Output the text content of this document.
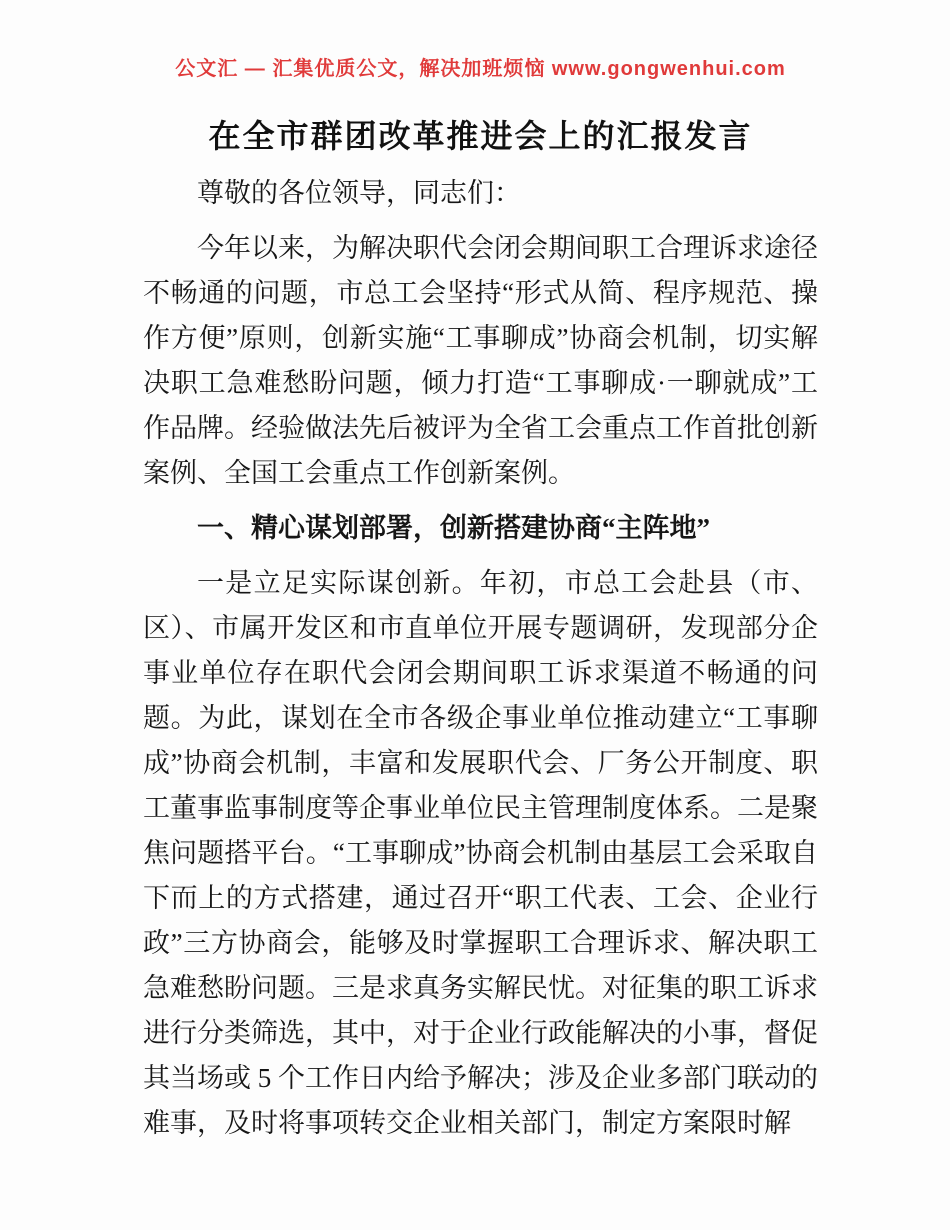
公文汇 — 汇集优质公文，解决加班烦恼 www.gongwenhui.com
在全市群团改革推进会上的汇报发言

尊敬的各位领导，同志们：

今年以来，为解决职代会闭会期间职工合理诉求途径不畅通的问题，市总工会坚持“形式从简、程序规范、操作方便”原则，创新实施“工事聊成”协商会机制，切实解决职工急难愁盼问题，倾力打造“工事聊成·一聊就成”工作品牌。经验做法先后被评为全省工会重点工作首批创新案例、全国工会重点工作创新案例。

一、精心谋划部署，创新搭建协商“主阵地”

一是立足实际谋创新。年初，市总工会赴县（市、区）、市属开发区和市直单位开展专题调研，发现部分企事业单位存在职代会闭会期间职工诉求渠道不畅通的问题。为此，谋划在全市各级企事业单位推动建立“工事聊成”协商会机制，丰富和发展职代会、厂务公开制度、职工董事监事制度等企事业单位民主管理制度体系。二是聚焦问题搭平台。“工事聊成”协商会机制由基层工会采取自下而上的方式搭建，通过召开“职工代表、工会、企业行政”三方协商会，能够及时掌握职工合理诉求、解决职工急难愁盼问题。三是求真务实解民忧。对征集的职工诉求进行分类筛选，其中，对于企业行政能解决的小事，督促其当场或 5 个工作日内给予解决；涉及企业多部门联动的难事，及时将事项转交企业相关部门，制定方案限时解
